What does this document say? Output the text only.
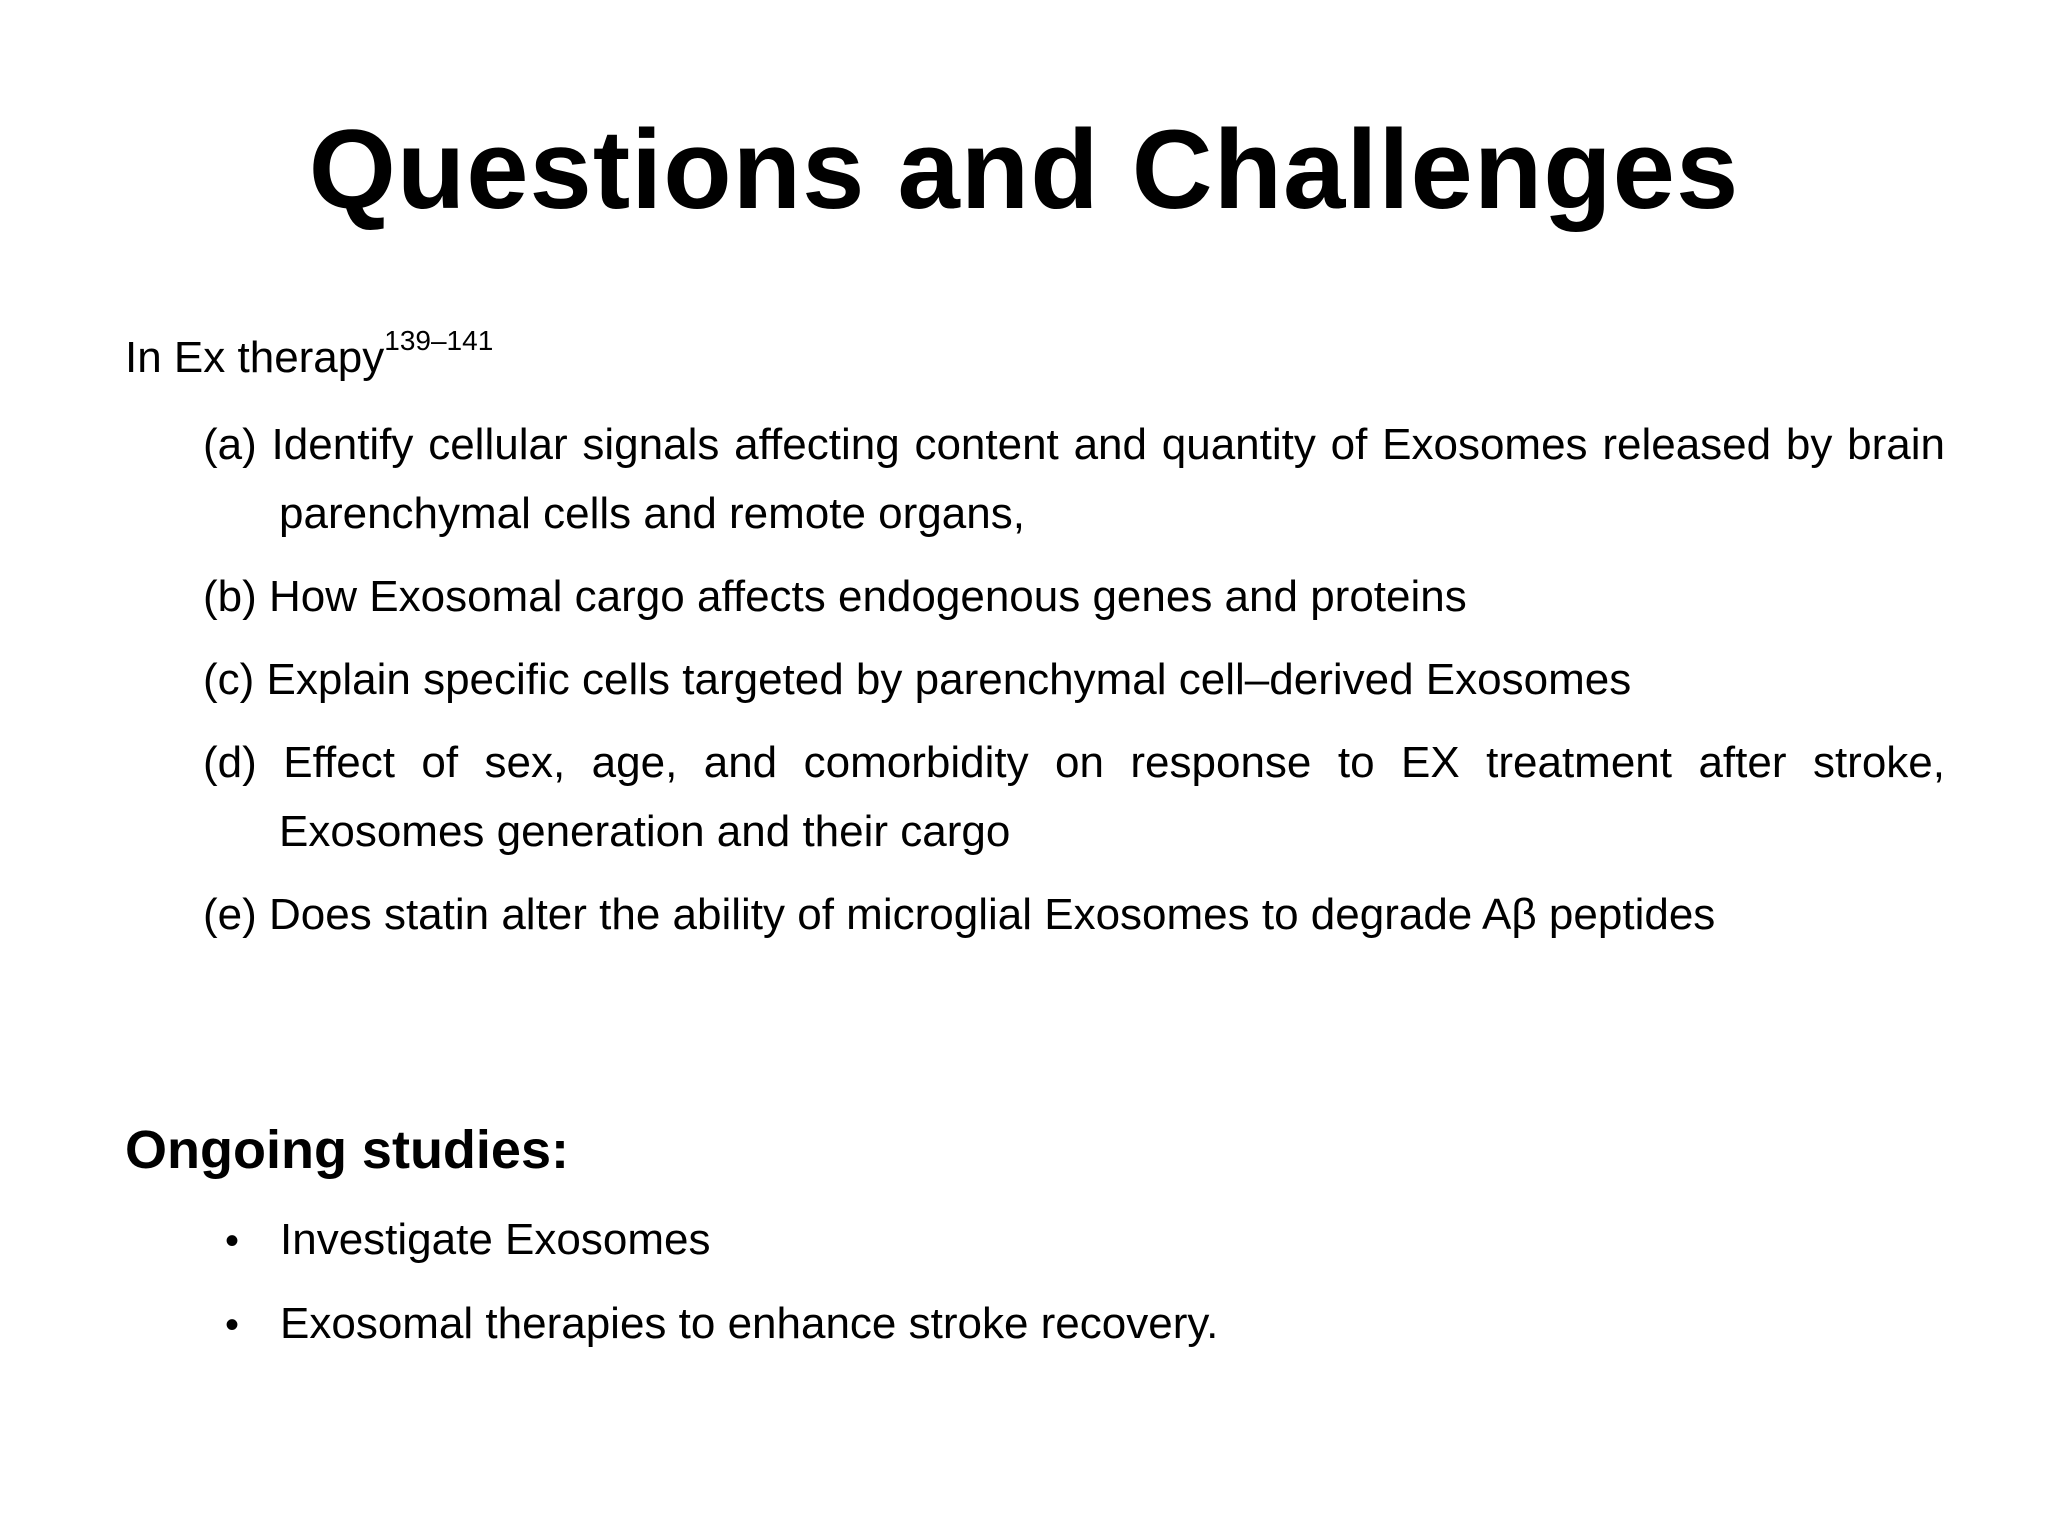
Questions and Challenges
In Ex therapy$^{139-141}$
(a) Identify cellular signals affecting content and quantity of Exosomes released by brain parenchymal cells and remote organs,
(b) How Exosomal cargo affects endogenous genes and proteins
(c) Explain specific cells targeted by parenchymal cell–derived Exosomes
(d) Effect of sex, age, and comorbidity on response to EX treatment after stroke, Exosomes generation and their cargo
(e) Does statin alter the ability of microglial Exosomes to degrade Aβ peptides
Ongoing studies:
• Investigate Exosomes
• Exosomal therapies to enhance stroke recovery.
